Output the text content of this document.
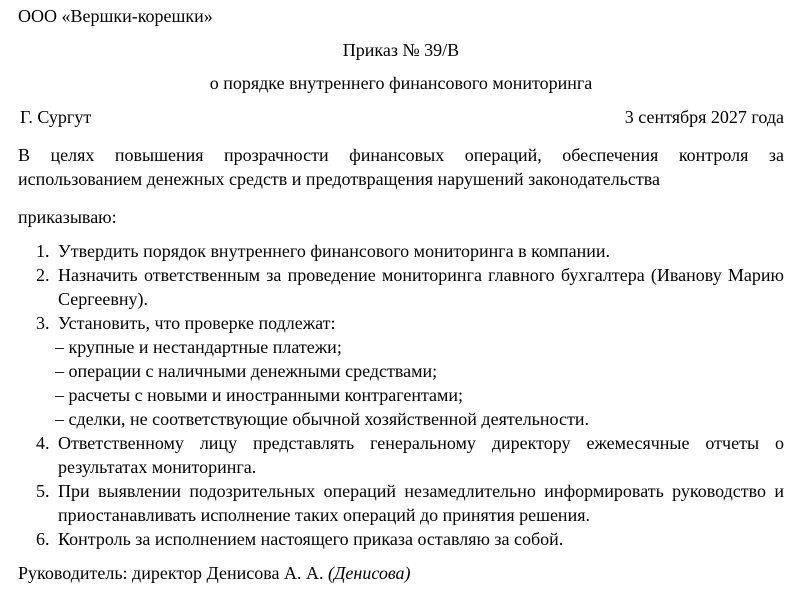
ООО «Вершки-корешки»
Приказ № 39/В
о порядке внутреннего финансового мониторинга
Г. Сургут	3 сентября 2027 года
В целях повышения прозрачности финансовых операций, обеспечения контроля за использованием денежных средств и предотвращения нарушений законодательства
приказываю:
1. Утвердить порядок внутреннего финансового мониторинга в компании.
2. Назначить ответственным за проведение мониторинга главного бухгалтера (Иванову Марию Сергеевну).
3. Установить, что проверке подлежат:
– крупные и нестандартные платежи;
– операции с наличными денежными средствами;
– расчеты с новыми и иностранными контрагентами;
– сделки, не соответствующие обычной хозяйственной деятельности.
4. Ответственному лицу представлять генеральному директору ежемесячные отчеты о результатах мониторинга.
5. При выявлении подозрительных операций незамедлительно информировать руководство и приостанавливать исполнение таких операций до принятия решения.
6. Контроль за исполнением настоящего приказа оставляю за собой.
Руководитель: директор Денисова А. А. (Денисова)
